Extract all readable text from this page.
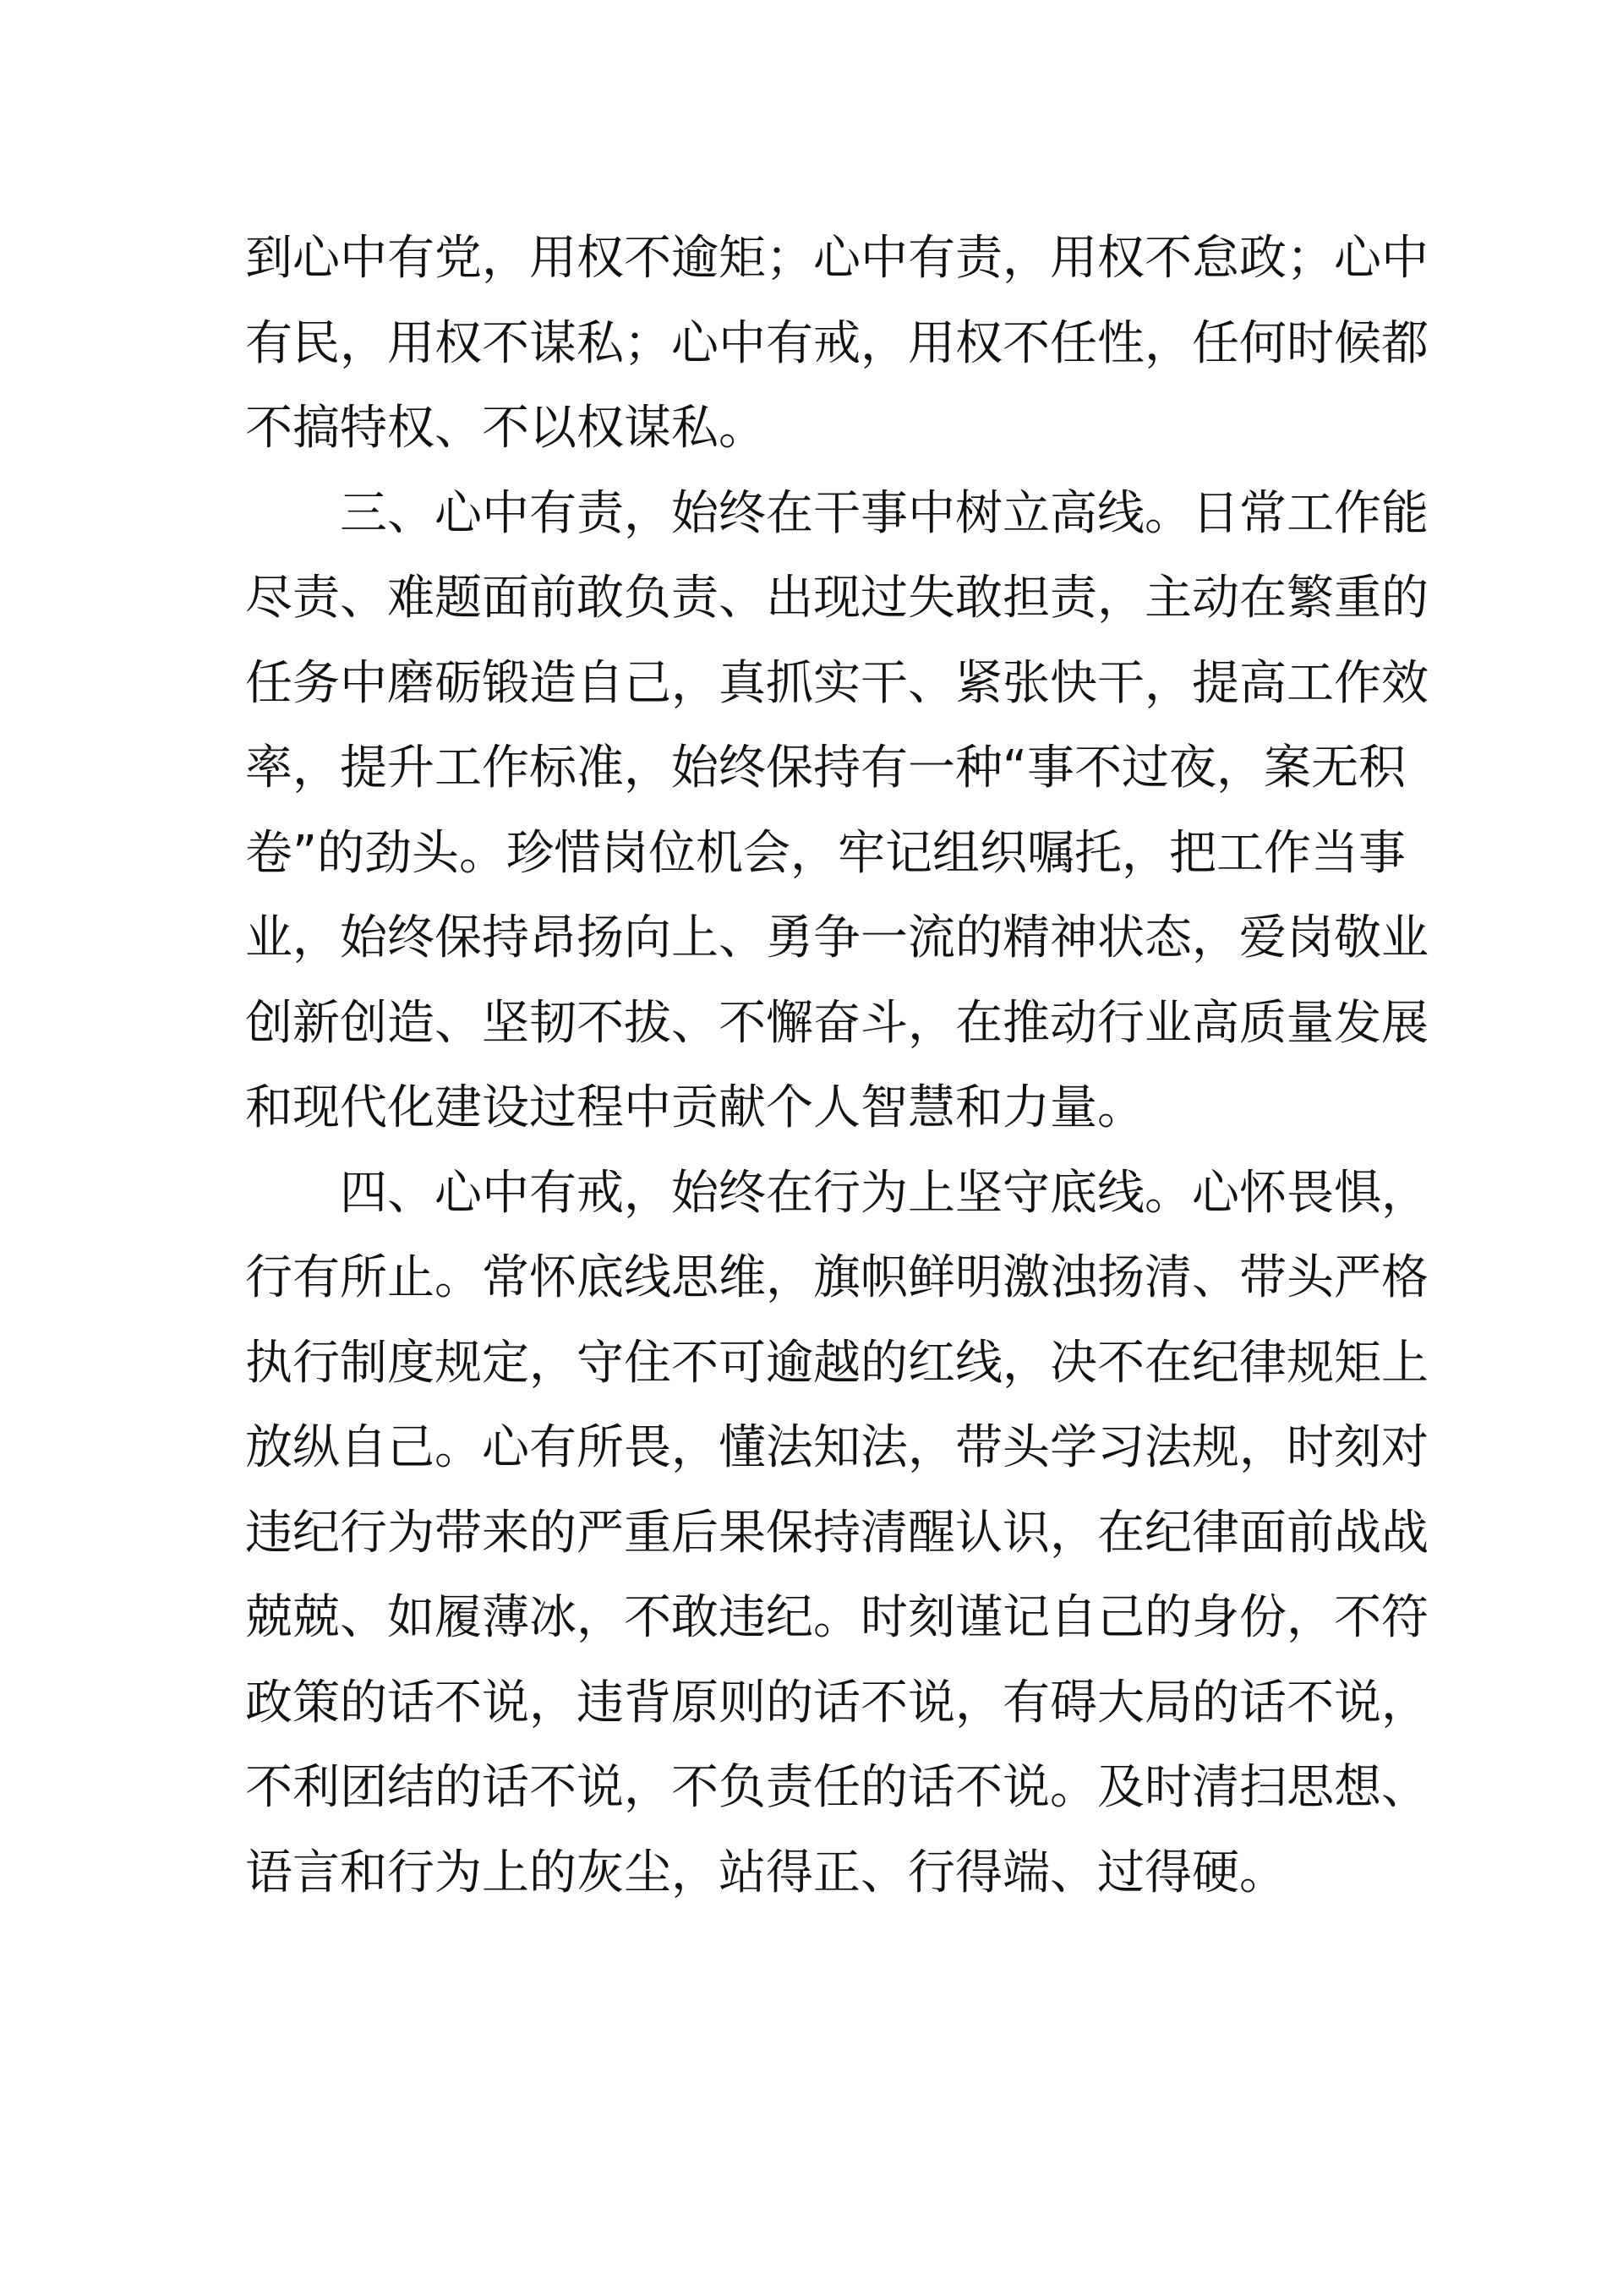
到心中有党，用权不逾矩；心中有责，用权不怠政；心中
有民，用权不谋私；心中有戒，用权不任性，任何时候都
不搞特权、不以权谋私。
三、心中有责，始终在干事中树立高线。日常工作能
尽责、难题面前敢负责、出现过失敢担责，主动在繁重的
任务中磨砺锻造自己，真抓实干、紧张快干，提高工作效
率，提升工作标准，始终保持有一种“事不过夜，案无积
卷”的劲头。珍惜岗位机会，牢记组织嘱托，把工作当事
业，始终保持昂扬向上、勇争一流的精神状态，爱岗敬业
创新创造、坚韧不拔、不懈奋斗，在推动行业高质量发展
和现代化建设过程中贡献个人智慧和力量。
四、心中有戒，始终在行为上坚守底线。心怀畏惧，
行有所止。常怀底线思维，旗帜鲜明激浊扬清、带头严格
执行制度规定，守住不可逾越的红线，决不在纪律规矩上
放纵自己。心有所畏，懂法知法，带头学习法规，时刻对
违纪行为带来的严重后果保持清醒认识，在纪律面前战战
兢兢、如履薄冰，不敢违纪。时刻谨记自己的身份，不符
政策的话不说，违背原则的话不说，有碍大局的话不说，
不利团结的话不说，不负责任的话不说。及时清扫思想、
语言和行为上的灰尘，站得正、行得端、过得硬。
